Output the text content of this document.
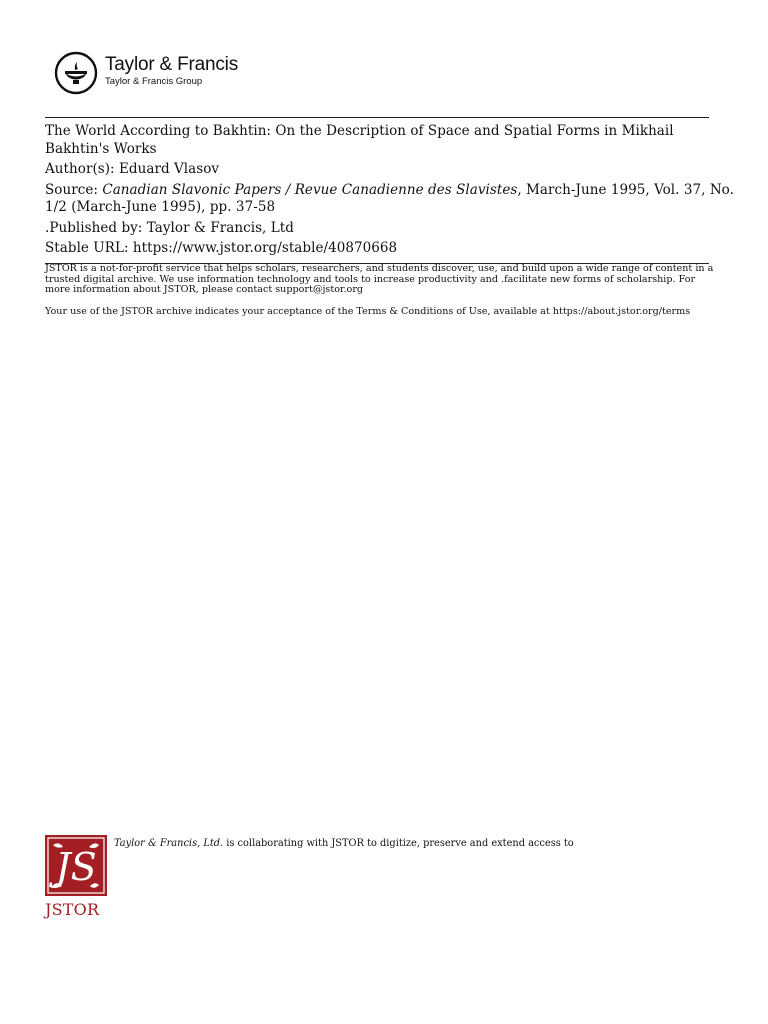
Taylor & Francis
Taylor & Francis Group

The World According to Bakhtin: On the Description of Space and Spatial Forms in Mikhail Bakhtin's Works

Author(s): Eduard Vlasov

Source: Canadian Slavonic Papers / Revue Canadienne des Slavistes, March-June 1995, Vol. 37, No. 1/2 (March-June 1995), pp. 37-58

.Published by: Taylor & Francis, Ltd

Stable URL: https://www.jstor.org/stable/40870668

JSTOR is a not-for-profit service that helps scholars, researchers, and students discover, use, and build upon a wide range of content in a trusted digital archive. We use information technology and tools to increase productivity and .facilitate new forms of scholarship. For more information about JSTOR, please contact support@jstor.org

Your use of the JSTOR archive indicates your acceptance of the Terms & Conditions of Use, available at https://about.jstor.org/terms

JS
JSTOR
Taylor & Francis, Ltd. is collaborating with JSTOR to digitize, preserve and extend access to
